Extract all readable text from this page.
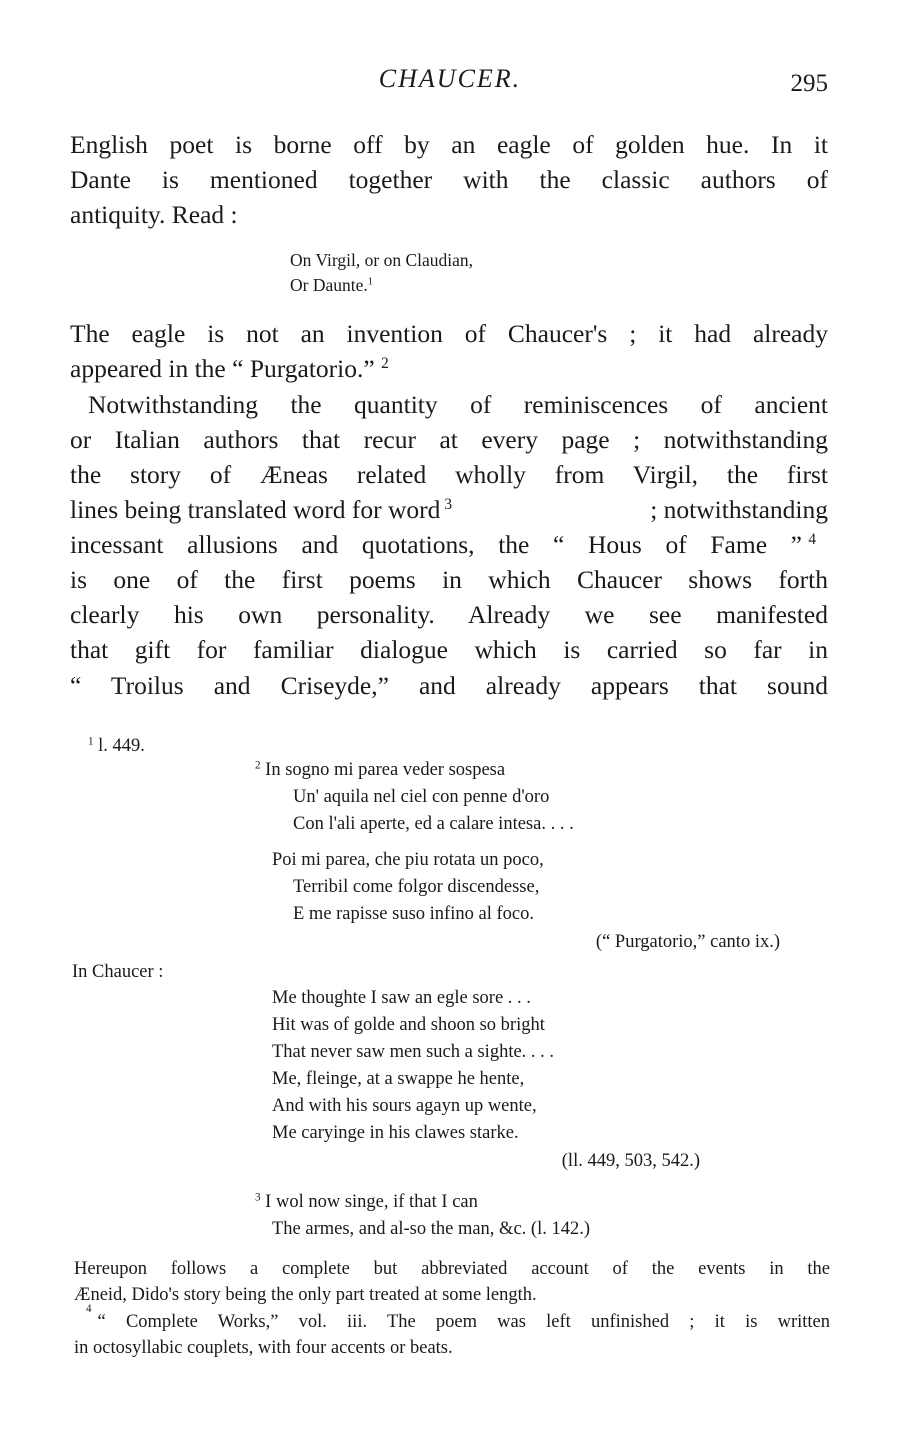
CHAUCER.	295
English poet is borne off by an eagle of golden hue. In it
Dante is mentioned together with the classic authors of
antiquity. Read :
On Virgil, or on Claudian,
Or Daunte.$^1$
The eagle is not an invention of Chaucer's ; it had already
appeared in the “ Purgatorio.” $^2$
Notwithstanding the quantity of reminiscences of ancient
or Italian authors that recur at every page ; notwithstanding
the story of Æneas related wholly from Virgil, the first
lines being translated word for word $^3$	; notwithstanding
incessant allusions and quotations, the “ Hous of Fame ” $^4$
is one of the first poems in which Chaucer shows forth
clearly his own personality. Already we see manifested
that gift for familiar dialogue which is carried so far in
“ Troilus and Criseyde,” and already appears that sound
$^1$ l. 449.
$^2$ In sogno mi parea veder sospesa
Un' aquila nel ciel con penne d'oro
Con l'ali aperte, ed a calare intesa. . . .
Poi mi parea, che piu rotata un poco,
Terribil come folgor discendesse,
E me rapisse suso infino al foco.
(“ Purgatorio,” canto ix.)
In Chaucer :
Me thoughte I saw an egle sore . . .
Hit was of golde and shoon so bright
That never saw men such a sighte. . . .
Me, fleinge, at a swappe he hente,
And with his sours agayn up wente,
Me caryinge in his clawes starke.
(ll. 449, 503, 542.)
$^3$ I wol now singe, if that I can
The armes, and al-so the man, &c. (l. 142.)
Hereupon follows a complete but abbreviated account of the events in the
Æneid, Dido's story being the only part treated at some length.
4
“ Complete Works,” vol. iii. The poem was left unfinished ; it is written
in octosyllabic couplets, with four accents or beats.
